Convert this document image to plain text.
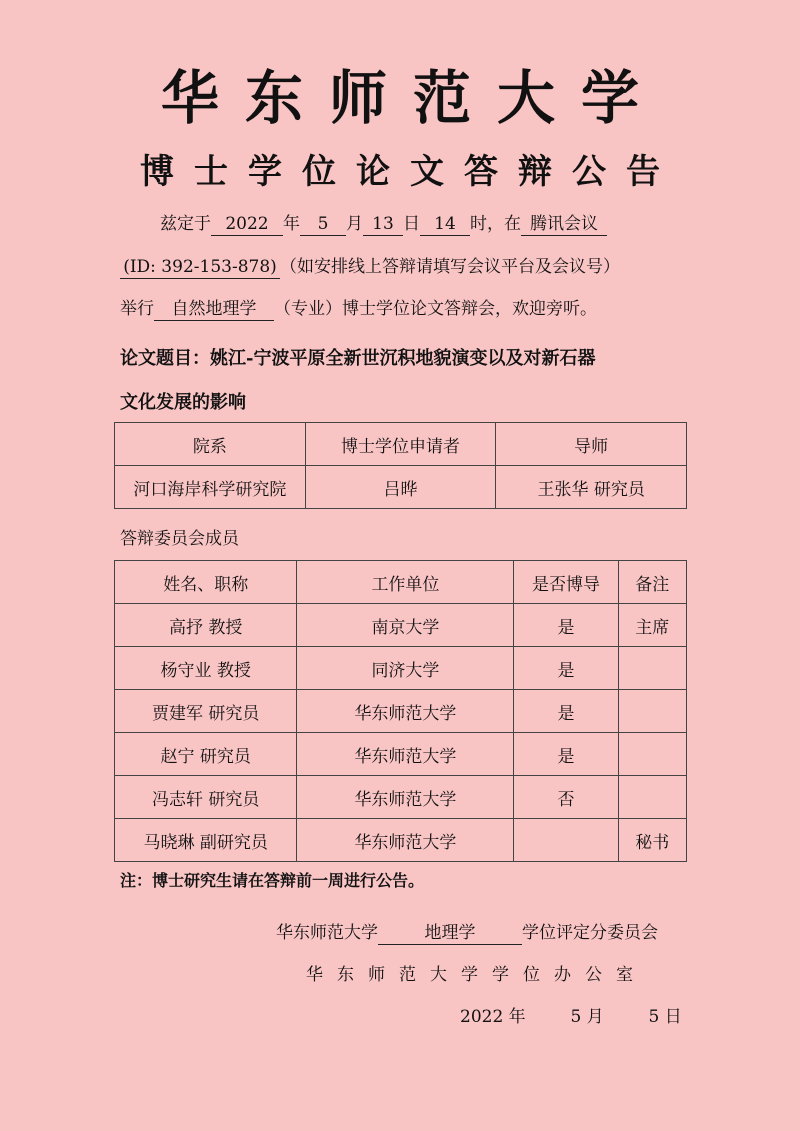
华东师范大学
博士学位论文答辩公告
兹定于 2022 年 5 月 13 日 14 时，在 腾讯会议
(ID: 392-153-878) （如安排线上答辩请填写会议平台及会议号）
举行 自然地理学 （专业）博士学位论文答辩会，欢迎旁听。
论文题目：姚江-宁波平原全新世沉积地貌演变以及对新石器
文化发展的影响
院系	博士学位申请者	导师
河口海岸科学研究院	吕晔	王张华 研究员
答辩委员会成员
姓名、职称	工作单位	是否博导	备注
高抒 教授	南京大学	是	主席
杨守业 教授	同济大学	是	
贾建军 研究员	华东师范大学	是	
赵宁 研究员	华东师范大学	是	
冯志轩 研究员	华东师范大学	否	
马晓琳 副研究员	华东师范大学		秘书
注：博士研究生请在答辩前一周进行公告。
华东师范大学	地理学	学位评定分委员会
华东师范大学学位办公室
2022 年	5 月	5 日
